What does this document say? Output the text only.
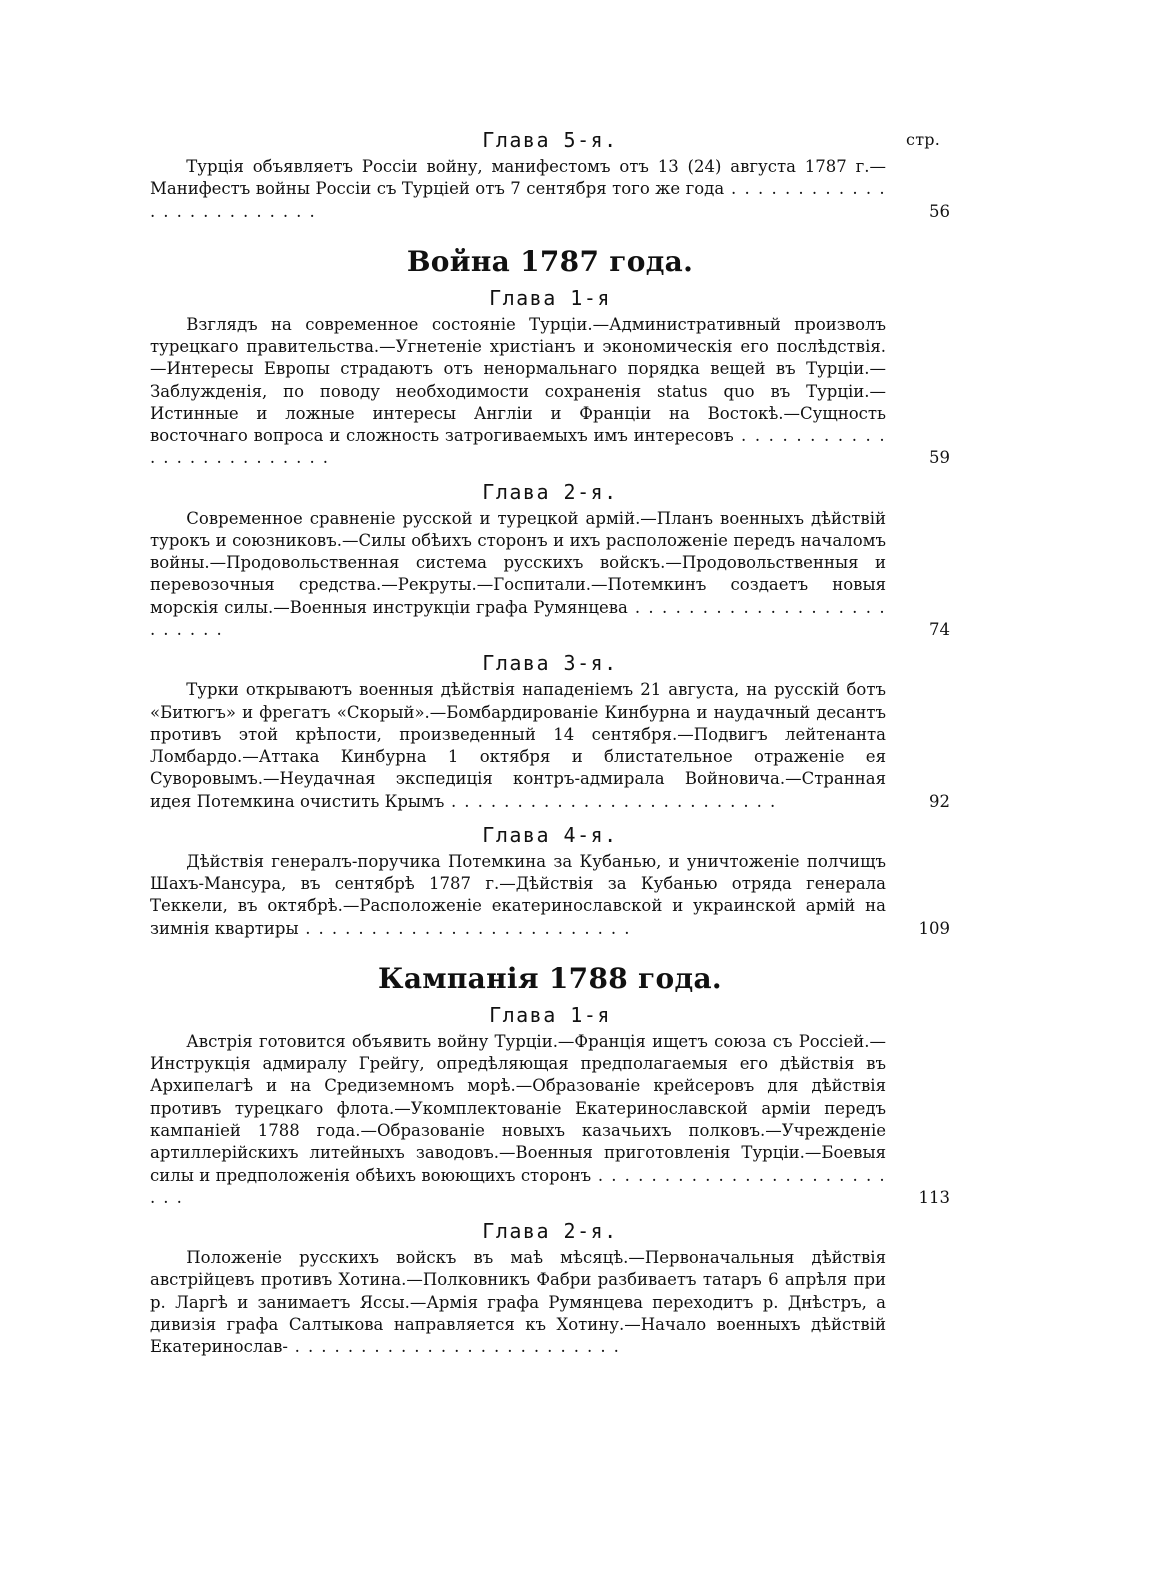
стр.
Глава 5-я.
Турція объявляетъ Россіи войну, манифестомъ отъ 13 (24) августа 1787 г.—Манифестъ войны Россіи съ Турціей отъ 7 сентября того же года . . .
56
Война 1787 года.
Глава 1-я
Взглядъ на современное состояніе Турціи.—Административный произволъ турецкаго правительства.—Угнетеніе христіанъ и экономическія его послѣдствія.—Интересы Европы страдаютъ отъ ненормальнаго порядка вещей въ Турціи.—Заблужденія, по поводу необходимости сохраненія status quo въ Турціи.—Истинные и ложные интересы Англіи и Франціи на Востокѣ.—Сущность восточнаго вопроса и сложность затрогиваемыхъ имъ интересовъ . . .
59
Глава 2-я.
Современное сравненіе русской и турецкой армій.—Планъ военныхъ дѣйствій турокъ и союзниковъ.—Силы обѣихъ сторонъ и ихъ расположеніе передъ началомъ войны.—Продовольственная система русскихъ войскъ.—Продовольственныя и перевозочныя средства.—Рекруты.—Госпитали.—Потемкинъ создаетъ новыя морскія силы.—Военныя инструкціи графа Румянцева . . .
74
Глава 3-я.
Турки открываютъ военныя дѣйствія нападеніемъ 21 августа, на русскій ботъ «Битюгъ» и фрегатъ «Скорый».—Бомбардированіе Кинбурна и наудачный десантъ противъ этой крѣпости, произведенный 14 сентября.—Подвигъ лейтенанта Ломбардо.—Аттака Кинбурна 1 октября и блистательное отраженіе ея Суворовымъ.—Неудачная экспедиція контръ-адмирала Войновича.—Странная идея Потемкина очистить Крымъ . . .	92
Глава 4-я.
Дѣйствія генералъ-поручика Потемкина за Кубанью, и уничтоженіе полчищъ Шахъ-Мансура, въ сентябрѣ 1787 г.—Дѣйствія за Кубанью отряда генерала Теккели, въ октябрѣ.—Расположеніе екатеринославской и украинской армій на зимнія квартиры . . .	109
Кампанія 1788 года.
Глава 1-я
Австрія готовится объявить войну Турціи.—Франція ищетъ союза съ Россіей.—Инструкція адмиралу Грейгу, опредѣляющая предполагаемыя его дѣйствія въ Архипелагѣ и на Средиземномъ морѣ.—Образованіе крейсеровъ для дѣйствія противъ турецкаго флота.—Укомплектованіе Екатеринославской арміи передъ кампаніей 1788 года.—Образованіе новыхъ казачьихъ полковъ.—Учрежденіе артиллерійскихъ литейныхъ заводовъ.—Военныя приготовленія Турціи.—Боевыя силы и предположенія обѣихъ воюющихъ сторонъ . . .
113
Глава 2-я.
Положеніе русскихъ войскъ въ маѣ мѣсяцѣ.—Первоначальныя дѣйствія австрійцевъ противъ Хотина.—Полковникъ Фабри разбиваетъ татаръ 6 апрѣля при р. Ларгѣ и занимаетъ Яссы.—Армія графа Румянцева переходитъ р. Днѣстръ, а дивизія графа Салтыкова направляется къ Хотину.—Начало военныхъ дѣйствій Екатеринослав- . . .
